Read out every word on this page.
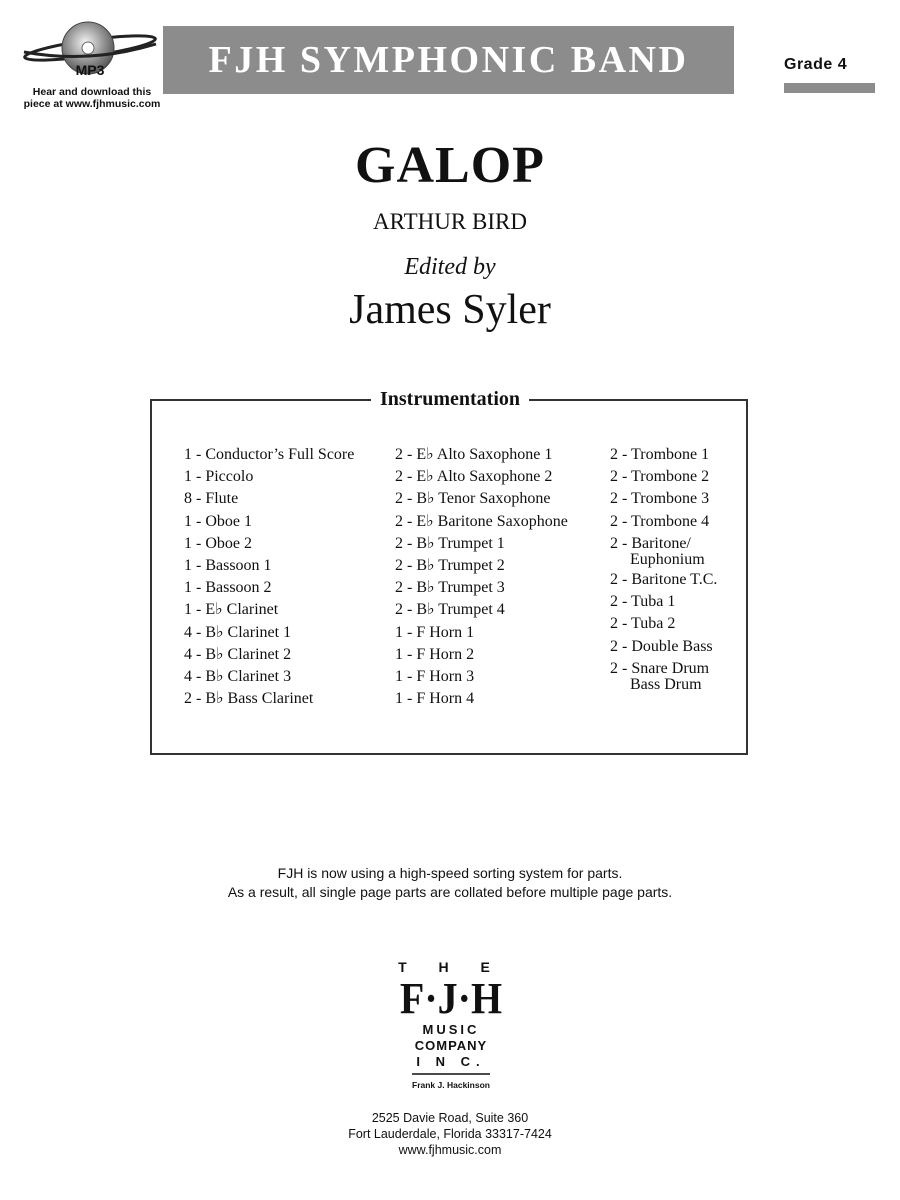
MP3
Hear and download this
piece at www.fjhmusic.com
FJH SYMPHONIC BAND	Grade 4
GALOP
ARTHUR BIRD
Edited by
James Syler
Instrumentation
1 - Conductor’s Full Score
1 - Piccolo
8 - Flute
1 - Oboe 1
1 - Oboe 2
1 - Bassoon 1
1 - Bassoon 2
1 - E♭ Clarinet
4 - B♭ Clarinet 1
4 - B♭ Clarinet 2
4 - B♭ Clarinet 3
2 - B♭ Bass Clarinet
2 - E♭ Alto Saxophone 1
2 - E♭ Alto Saxophone 2
2 - B♭ Tenor Saxophone
2 - E♭ Baritone Saxophone
2 - B♭ Trumpet 1
2 - B♭ Trumpet 2
2 - B♭ Trumpet 3
2 - B♭ Trumpet 4
1 - F Horn 1
1 - F Horn 2
1 - F Horn 3
1 - F Horn 4
2 - Trombone 1
2 - Trombone 2
2 - Trombone 3
2 - Trombone 4
2 - Baritone/
Euphonium
2 - Baritone T.C.
2 - Tuba 1
2 - Tuba 2
2 - Double Bass
2 - Snare Drum
Bass Drum
FJH is now using a high-speed sorting system for parts.
As a result, all single page parts are collated before multiple page parts.
T H E
F·J·H
MUSIC
COMPANY
I N C.
Frank J. Hackinson
2525 Davie Road, Suite 360
Fort Lauderdale, Florida 33317-7424
www.fjhmusic.com
